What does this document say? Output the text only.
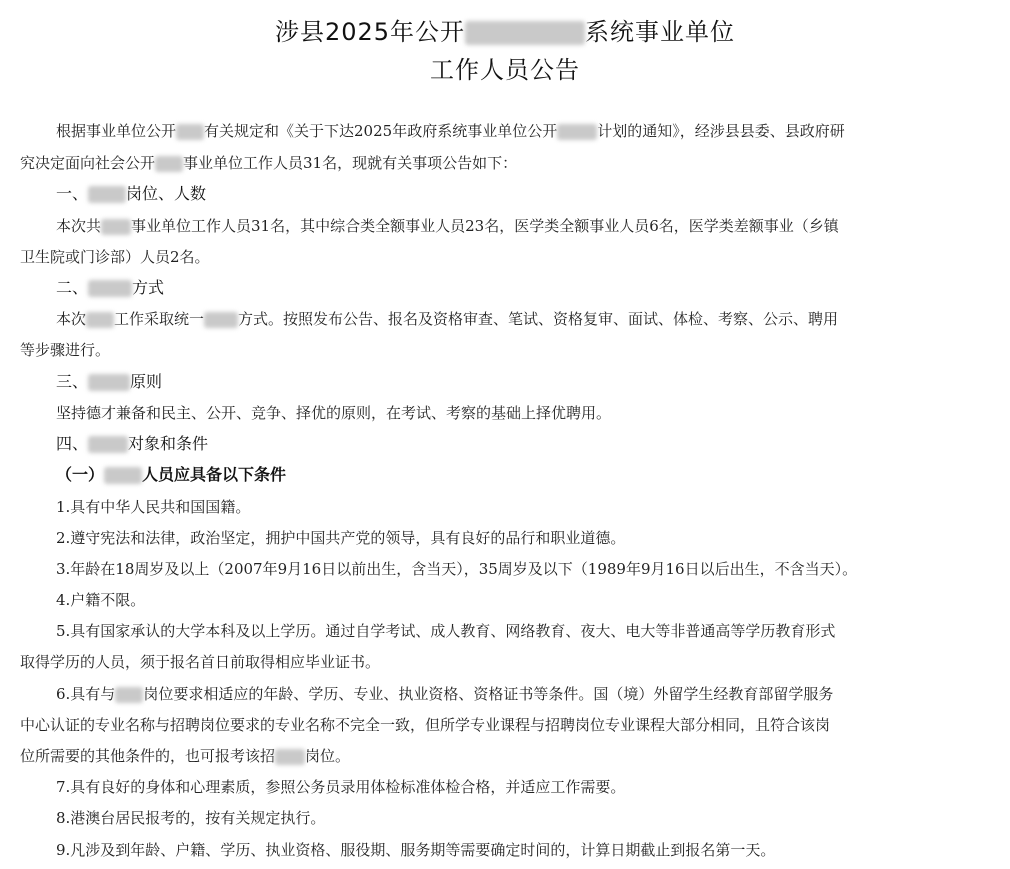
涉县2025年公开	系统事业单位
工作人员公告
根据事业单位公开 有关规定和《关于下达2025年政府系统事业单位公开	计划的通知》，经涉县县委、县政府研
究决定面向社会公开 事业单位工作人员31名，现就有关事项公告如下：
一、 岗位、人数
本次共 事业单位工作人员31名，其中综合类全额事业人员23名，医学类全额事业人员6名，医学类差额事业（乡镇
卫生院或门诊部）人员2名。
二、	方式
本次 工作采取统一 方式。按照发布公告、报名及资格审查、笔试、资格复审、面试、体检、考察、公示、聘用
等步骤进行。
三、	原则
坚持德才兼备和民主、公开、竞争、择优的原则，在考试、考察的基础上择优聘用。
四、	对象和条件
（一） 人员应具备以下条件
1.具有中华人民共和国国籍。
2.遵守宪法和法律，政治坚定，拥护中国共产党的领导，具有良好的品行和职业道德。
3.年龄在18周岁及以上（2007年9月16日以前出生，含当天），35周岁及以下（1989年9月16日以后出生，不含当天）。
4.户籍不限。
5.具有国家承认的大学本科及以上学历。通过自学考试、成人教育、网络教育、夜大、电大等非普通高等学历教育形式
取得学历的人员，须于报名首日前取得相应毕业证书。
6.具有与 岗位要求相适应的年龄、学历、专业、执业资格、资格证书等条件。国（境）外留学生经教育部留学服务
中心认证的专业名称与招聘岗位要求的专业名称不完全一致，但所学专业课程与招聘岗位专业课程大部分相同，且符合该岗
位所需要的其他条件的，也可报考该招 岗位。
7.具有良好的身体和心理素质，参照公务员录用体检标准体检合格，并适应工作需要。
8.港澳台居民报考的，按有关规定执行。
9.凡涉及到年龄、户籍、学历、执业资格、服役期、服务期等需要确定时间的，计算日期截止到报名第一天。
